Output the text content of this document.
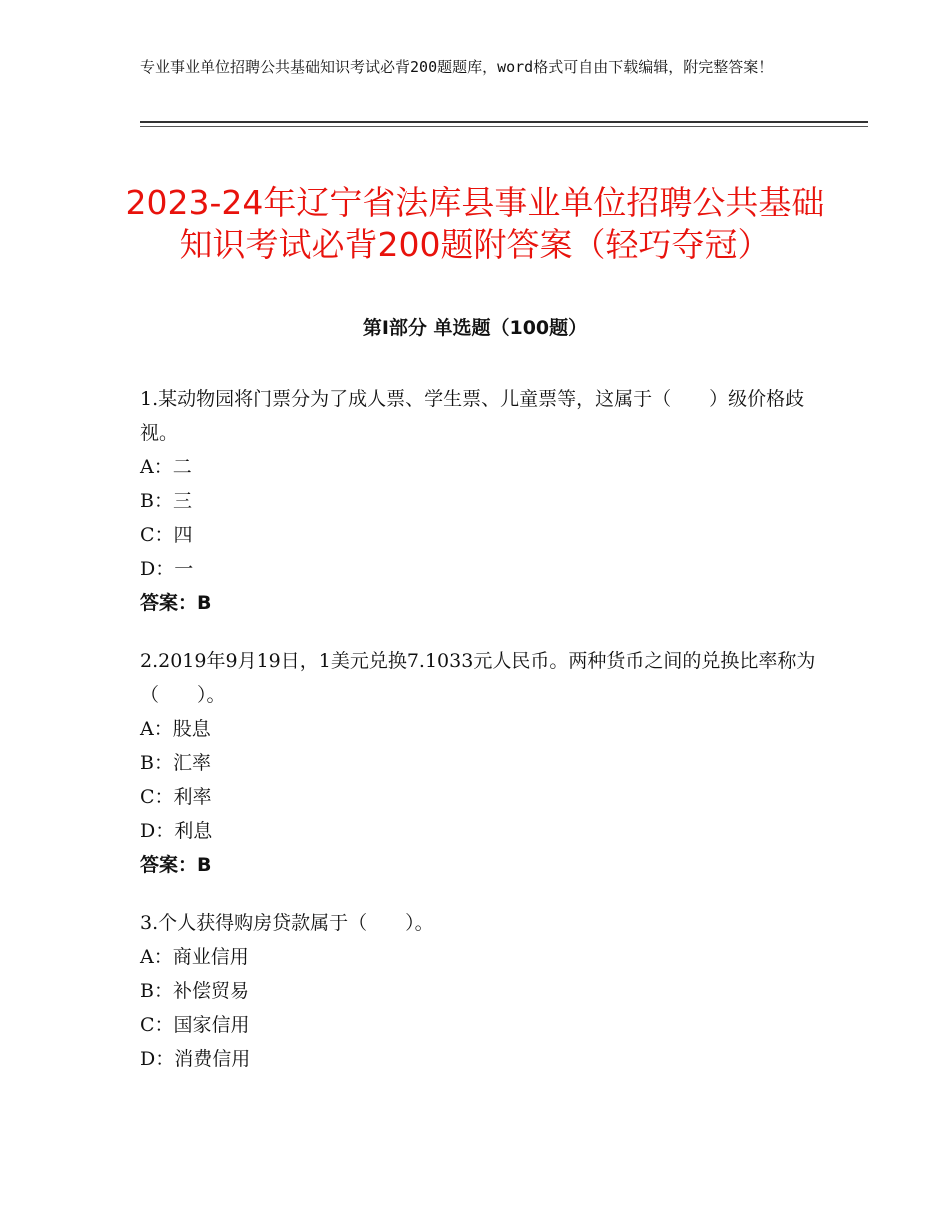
专业事业单位招聘公共基础知识考试必背200题题库，word格式可自由下载编辑，附完整答案！
2023-24年辽宁省法库县事业单位招聘公共基础知识考试必背200题附答案（轻巧夺冠）
第Ⅰ部分 单选题（100题）

1.某动物园将门票分为了成人票、学生票、儿童票等，这属于（　　）级价格歧视。

A：二

B：三

C：四

D：一

答案：B

2.2019年9月19日，1美元兑换7.1033元人民币。两种货币之间的兑换比率称为（　　）。

A：股息

B：汇率

C：利率

D：利息

答案：B

3.个人获得购房贷款属于（　　）。

A：商业信用

B：补偿贸易

C：国家信用

D：消费信用
